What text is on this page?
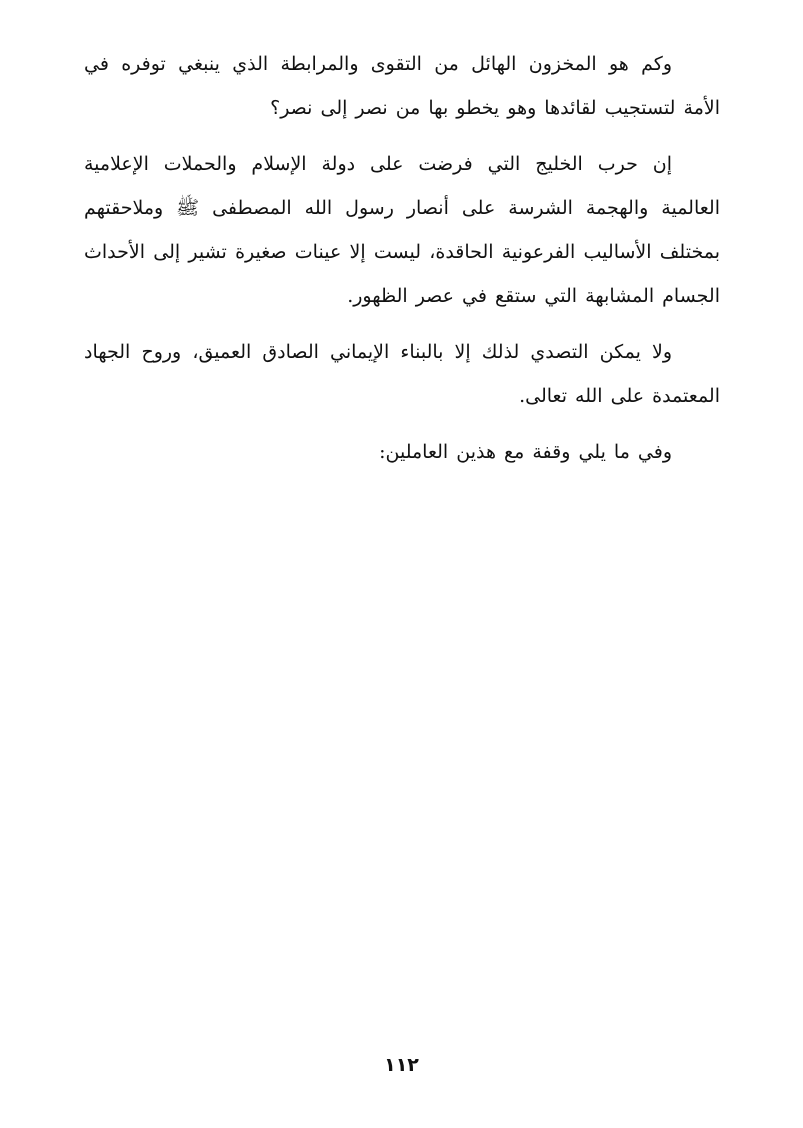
وكم هو المخزون الهائل من التقوى والمرابطة الذي ينبغي توفره في الأمة لتستجيب لقائدها وهو يخطو بها من نصر إلى نصر؟

إن حرب الخليج التي فرضت على دولة الإسلام والحملات الإعلامية العالمية والهجمة الشرسة على أنصار رسول الله المصطفى ﷺ وملاحقتهم بمختلف الأساليب الفرعونية الحاقدة، ليست إلا عينات صغيرة تشير إلى الأحداث الجسام المشابهة التي ستقع في عصر الظهور.

ولا يمكن التصدي لذلك إلا بالبناء الإيماني الصادق العميق، وروح الجهاد المعتمدة على الله تعالى.

وفي ما يلي وقفة مع هذين العاملين:

١١٢
